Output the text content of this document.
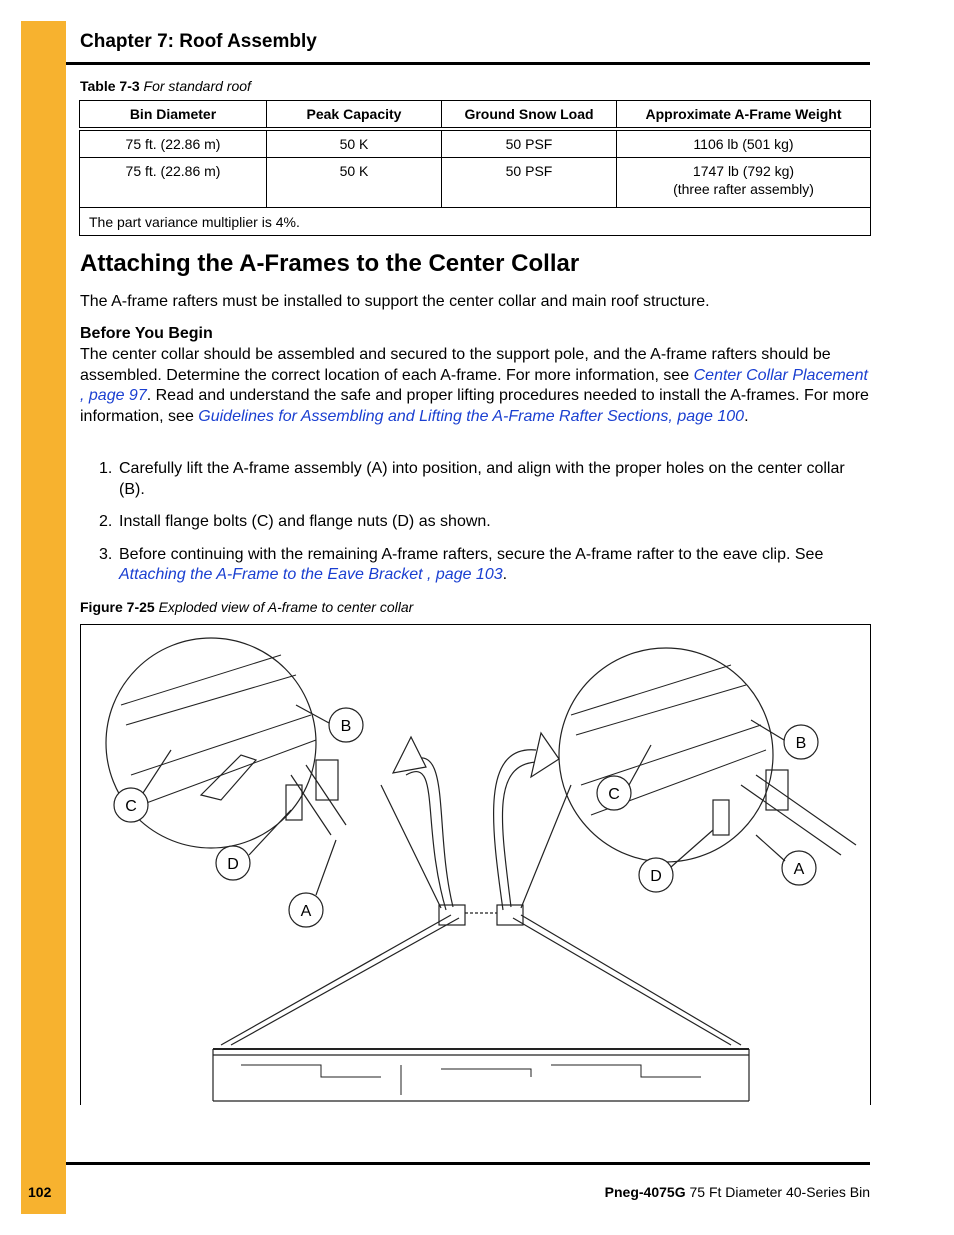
Chapter 7: Roof Assembly
Table 7-3 For standard roof
Bin Diameter	Peak Capacity	Ground Snow Load	Approximate A-Frame Weight
75 ft. (22.86 m)	50 K	50 PSF	1106 lb (501 kg)
75 ft. (22.86 m)	50 K	50 PSF	1747 lb (792 kg)
(three rafter assembly)

The part variance multiplier is 4%.			
Attaching the A-Frames to the Center Collar

The A-frame rafters must be installed to support the center collar and main roof structure.

Before You Begin

The center collar should be assembled and secured to the support pole, and the A-frame rafters should be assembled. Determine the correct location of each A-frame. For more information, see Center Collar Placement , page 97. Read and understand the safe and proper lifting procedures needed to install the A-frames. For more information, see Guidelines for Assembling and Lifting the A-Frame Rafter Sections, page 100.

1. Carefully lift the A-frame assembly (A) into position, and align with the proper holes on the center collar (B).
2. Install flange bolts (C) and flange nuts (D) as shown.
3. Before continuing with the remaining A-frame rafters, secure the A-frame rafter to the eave clip. See Attaching the A-Frame to the Eave Bracket , page 103.
Figure 7-25 Exploded view of A-frame to center collar
B
C
D
A
B
C
D	A
102	Pneg-4075G 75 Ft Diameter 40-Series Bin
